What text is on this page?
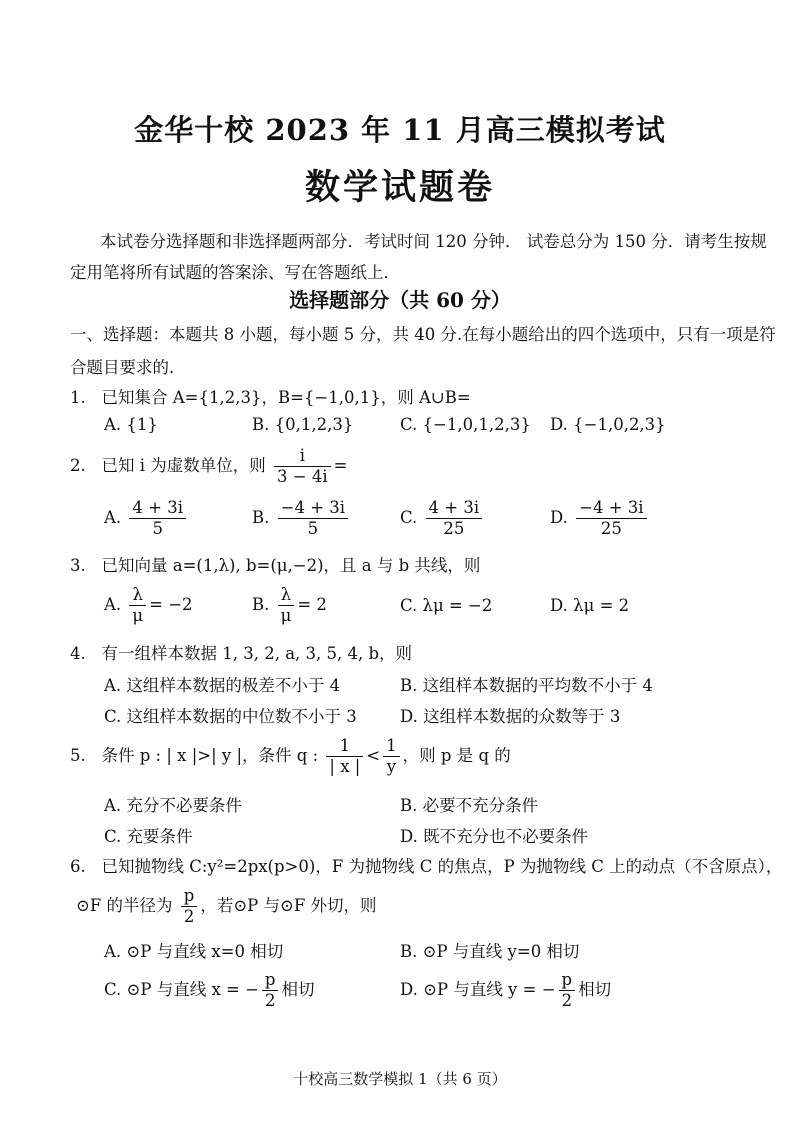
金华十校 2023 年 11 月高三模拟考试
数学试题卷
本试卷分选择题和非选择题两部分．考试时间 120 分钟． 试卷总分为 150 分．请考生按规
定用笔将所有试题的答案涂、写在答题纸上．
选择题部分（共 60 分）
一、选择题：本题共 8 小题，每小题 5 分，共 40 分.在每小题给出的四个选项中，只有一项是符
合题目要求的.
1. 已知集合 A={1,2,3}，B={−1,0,1}，则 A∪B=
A. {1}	B. {0,1,2,3}	C. {−1,0,1,2,3} D. {−1,0,2,3}
2. 已知 i 为虚数单位，则 $\frac{i}{3 - 4i}$ =
A. $\frac{4 + 3i}{5}$	B. $\frac{-4 + 3i}{5}$	C. $\frac{4 + 3i}{25}$	D. $\frac{-4 + 3i}{25}$
3. 已知向量 a=(1,λ), b=(μ,−2)，且 a 与 b 共线，则
A. $\frac{\lambda}{\mu} = -2$	B. $\frac{\lambda}{\mu} = 2$	C. λμ = −2	D. λμ = 2
4. 有一组样本数据 1, 3, 2, a, 3, 5, 4, b，则
A. 这组样本数据的极差不小于 4	B. 这组样本数据的平均数不小于 4
C. 这组样本数据的中位数不小于 3	D. 这组样本数据的众数等于 3
5. 条件 p : | x |>| y |，条件 q : $\frac{1}{| x |} < \frac{1}{y}$ ，则 p 是 q 的
A. 充分不必要条件	B. 必要不充分条件
C. 充要条件	D. 既不充分也不必要条件
6. 已知抛物线 C:y²=2px(p>0)，F 为抛物线 C 的焦点，P 为抛物线 C 上的动点（不含原点），
⊙F 的半径为 $\frac{p}{2}$ ，若⊙P 与⊙F 外切，则
A. ⊙P 与直线 x=0 相切	B. ⊙P 与直线 y=0 相切
C. ⊙P 与直线 x = − $\frac{p}{2}$ 相切	D. ⊙P 与直线 y = − $\frac{p}{2}$ 相切
十校高三数学模拟 1（共 6 页）
